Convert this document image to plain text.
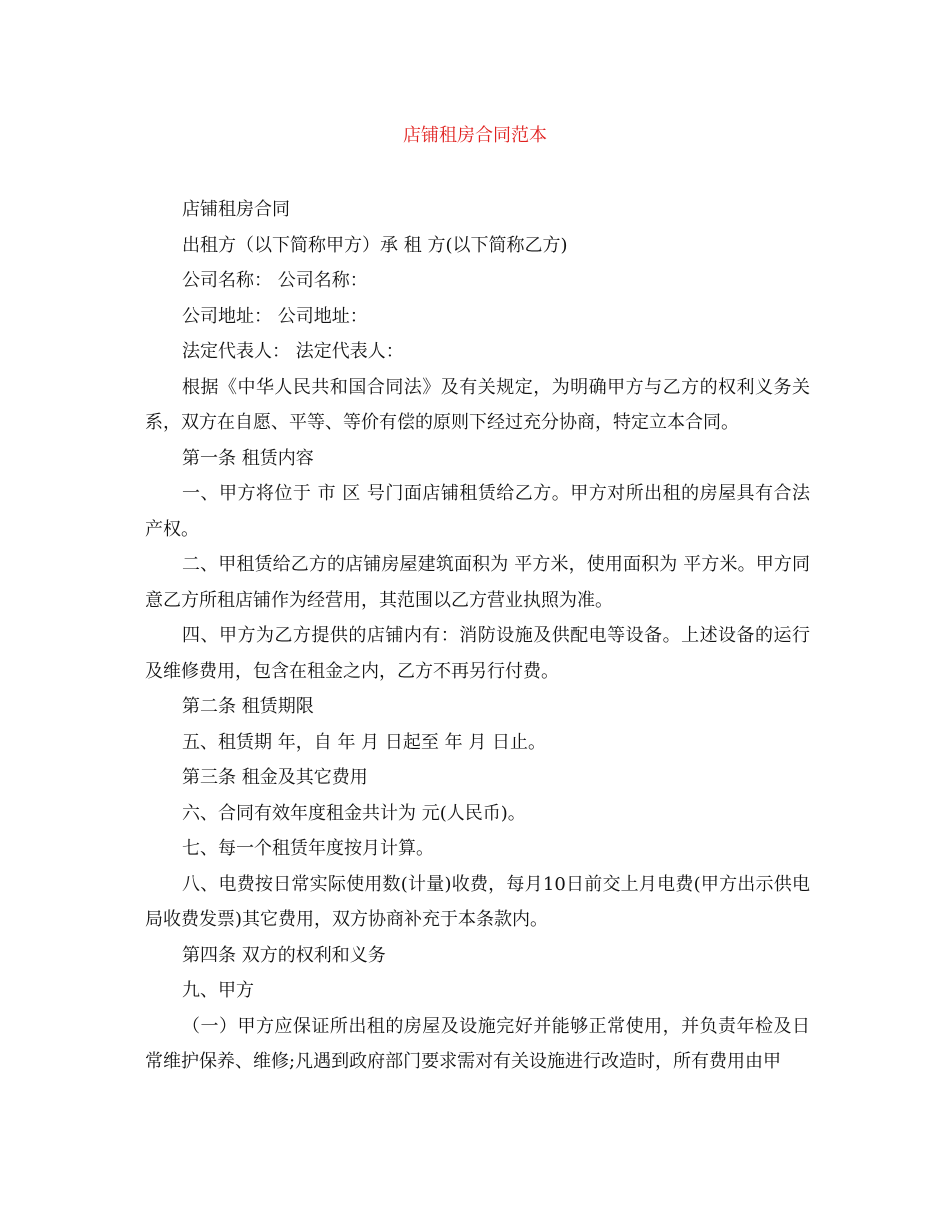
店铺租房合同范本

店铺租房合同

出租方（以下简称甲方）承 租 方(以下简称乙方)

公司名称： 公司名称：

公司地址： 公司地址：

法定代表人： 法定代表人：

根据《中华人民共和国合同法》及有关规定，为明确甲方与乙方的权利义务关系，双方在自愿、平等、等价有偿的原则下经过充分协商，特定立本合同。

第一条 租赁内容

一、甲方将位于 市 区 号门面店铺租赁给乙方。甲方对所出租的房屋具有合法产权。

二、甲租赁给乙方的店铺房屋建筑面积为 平方米，使用面积为 平方米。甲方同意乙方所租店铺作为经营用，其范围以乙方营业执照为准。

四、甲方为乙方提供的店铺内有：消防设施及供配电等设备。上述设备的运行及维修费用，包含在租金之内，乙方不再另行付费。

第二条 租赁期限

五、租赁期 年，自 年 月 日起至 年 月 日止。

第三条 租金及其它费用

六、合同有效年度租金共计为 元(人民币)。

七、每一个租赁年度按月计算。

八、电费按日常实际使用数(计量)收费，每月10日前交上月电费(甲方出示供电局收费发票)其它费用，双方协商补充于本条款内。

第四条 双方的权利和义务

九、甲方

（一）甲方应保证所出租的房屋及设施完好并能够正常使用，并负责年检及日常维护保养、维修;凡遇到政府部门要求需对有关设施进行改造时，所有费用由甲
